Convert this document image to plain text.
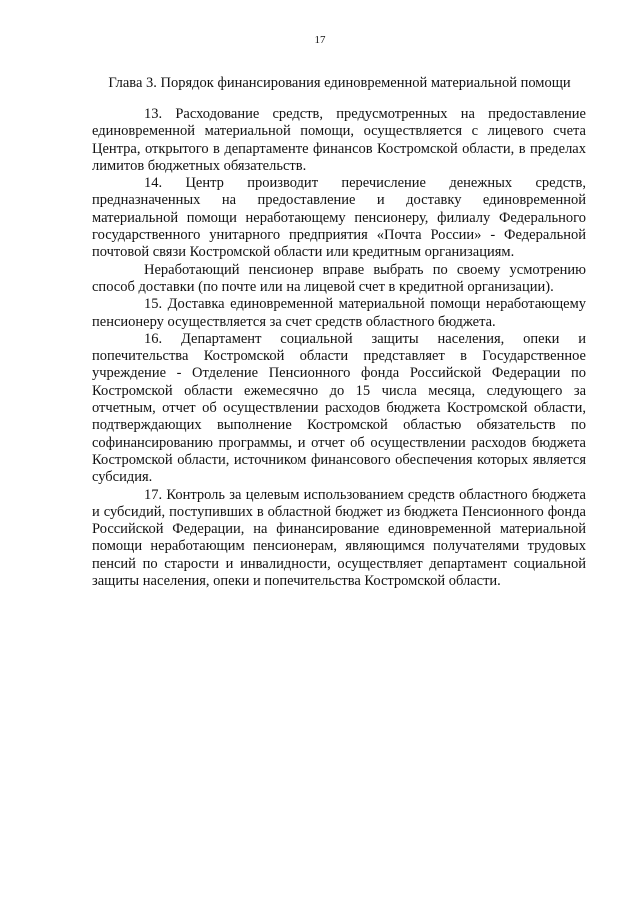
17
Глава 3. Порядок финансирования единовременной материальной помощи

13. Расходование средств, предусмотренных на предоставление единовременной материальной помощи, осуществляется с лицевого счета Центра, открытого в департаменте финансов Костромской области, в пределах лимитов бюджетных обязательств.

14. Центр производит перечисление денежных средств, предназначенных на предоставление и доставку единовременной материальной помощи неработающему пенсионеру, филиалу Федерального государственного унитарного предприятия «Почта России» - Федеральной почтовой связи Костромской области или кредитным организациям.

Неработающий пенсионер вправе выбрать по своему усмотрению способ доставки (по почте или на лицевой счет в кредитной организации).

15. Доставка единовременной материальной помощи неработающему пенсионеру осуществляется за счет средств областного бюджета.

16. Департамент социальной защиты населения, опеки и попечительства Костромской области представляет в Государственное учреждение - Отделение Пенсионного фонда Российской Федерации по Костромской области ежемесячно до 15 числа месяца, следующего за отчетным, отчет об осуществлении расходов бюджета Костромской области, подтверждающих выполнение Костромской областью обязательств по софинансированию программы, и отчет об осуществлении расходов бюджета Костромской области, источником финансового обеспечения которых является субсидия.

17. Контроль за целевым использованием средств областного бюджета и субсидий, поступивших в областной бюджет из бюджета Пенсионного фонда Российской Федерации, на финансирование единовременной материальной помощи неработающим пенсионерам, являющимся получателями трудовых пенсий по старости и инвалидности, осуществляет департамент социальной защиты населения, опеки и попечительства Костромской области.
